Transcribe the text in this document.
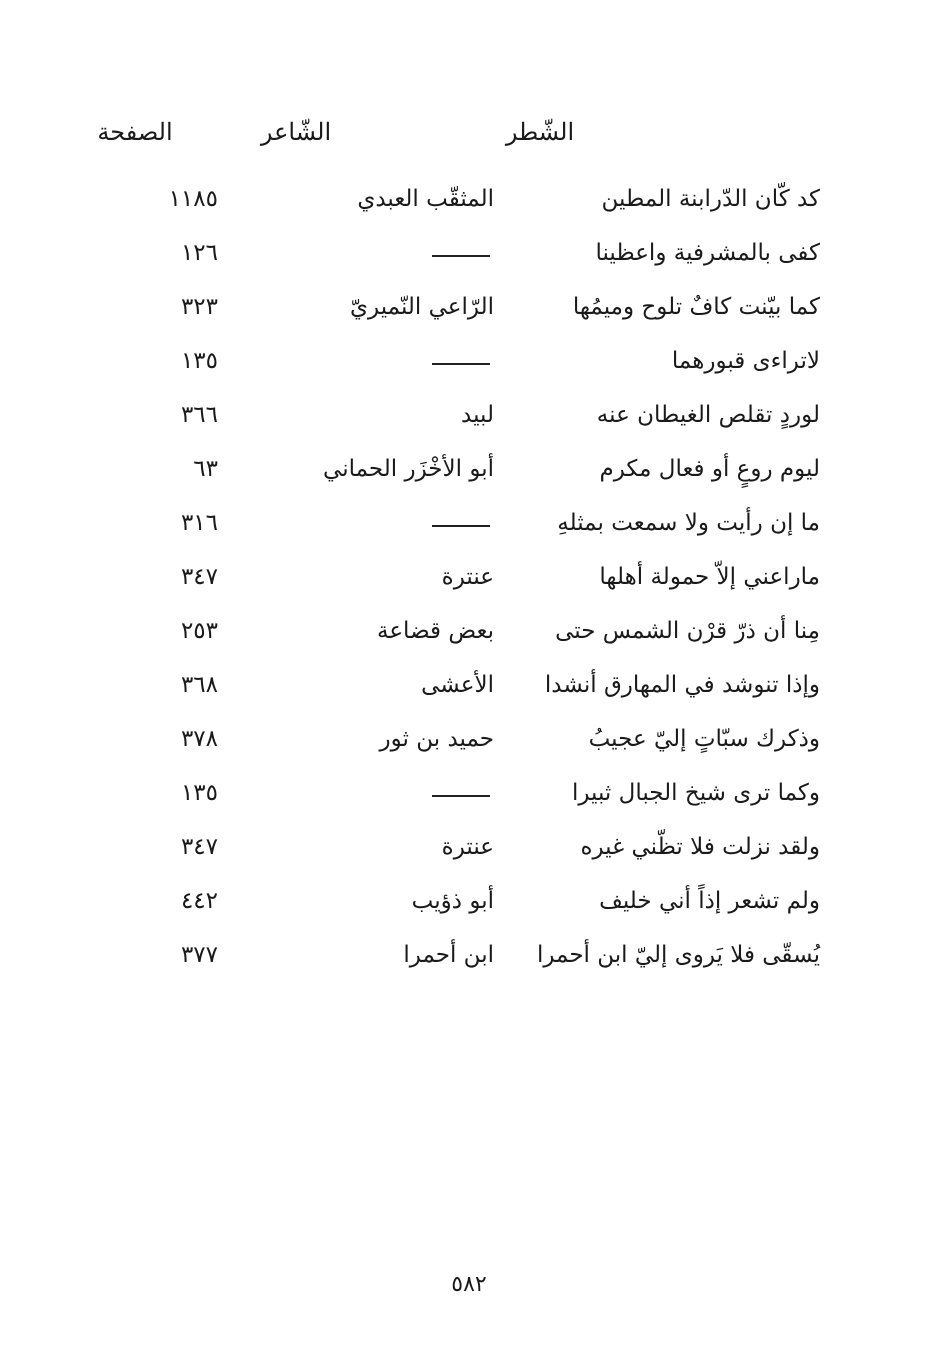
الشّطر
الشّاعر
الصفحة
كد كّان الدّرابنة المطين
المثقّب العبدي
١١٨٥
كفى بالمشرفية واعظينا
١٢٦
كما بيّنت كافٌ تلوح وميمُها
الرّاعي النّميريّ
٣٢٣
لاتراءى قبورهما
١٣٥
لوردٍ تقلص الغيطان عنه
لبيد
٣٦٦
ليوم روعٍ أو فعال مكرم
أبو الأخْزَر الحماني
٦٣
ما إن رأيت ولا سمعت بمثلهِ
٣١٦
ماراعني إلاّ حمولة أهلها
عنترة
٣٤٧
مِنا أن ذرّ قرْن الشمس حتى
بعض قضاعة
٢٥٣
وإذا تنوشد في المهارق أنشدا
الأعشى
٣٦٨
وذكرك سبّاتٍ إليّ عجيبُ
حميد بن ثور
٣٧٨
وكما ترى شيخ الجبال ثبيرا
١٣٥
ولقد نزلت فلا تظّني غيره
عنترة
٣٤٧
ولم تشعر إذاً أني خليف
أبو ذؤيب
٤٤٢
يُسقّى فلا يَروى إليّ ابن أحمرا
ابن أحمرا
٣٧٧
٥٨٢
